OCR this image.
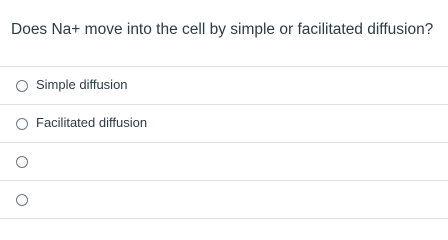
Does Na+ move into the cell by simple or facilitated diffusion?
Simple diffusion
Facilitated diffusion
